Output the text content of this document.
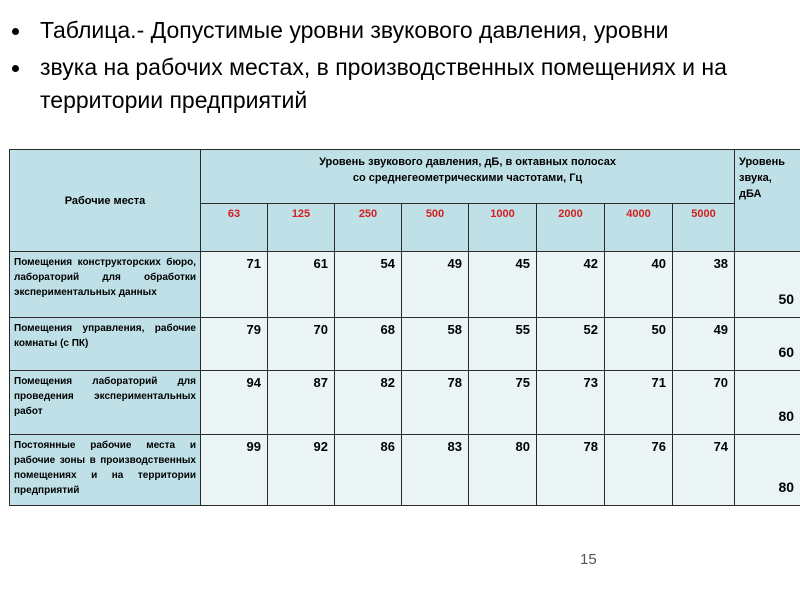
Таблица.- Допустимые уровни звукового давления, уровни
звука на рабочих местах, в производственных помещениях и на территории предприятий
Рабочие места	Уровень звукового давления, дБ, в октавных полосах
со среднегеометрическими частотами, Гц								Уровень звука, дБА
	63	125	250	500	1000	2000	4000	5000	
Помещения конструкторских бюро, лабораторий для обработки экспериментальных данных	71	61	54	49	45	42	40	38	50
Помещения управления, рабочие комнаты (с ПК)	79	70	68	58	55	52	50	49	60
Помещения лабораторий для проведения экспериментальных работ	94	87	82	78	75	73	71	70	80
Постоянные рабочие места и рабочие зоны в производственных помещениях и на территории предприятий	99	92	86	83	80	78	76	74	80
15
